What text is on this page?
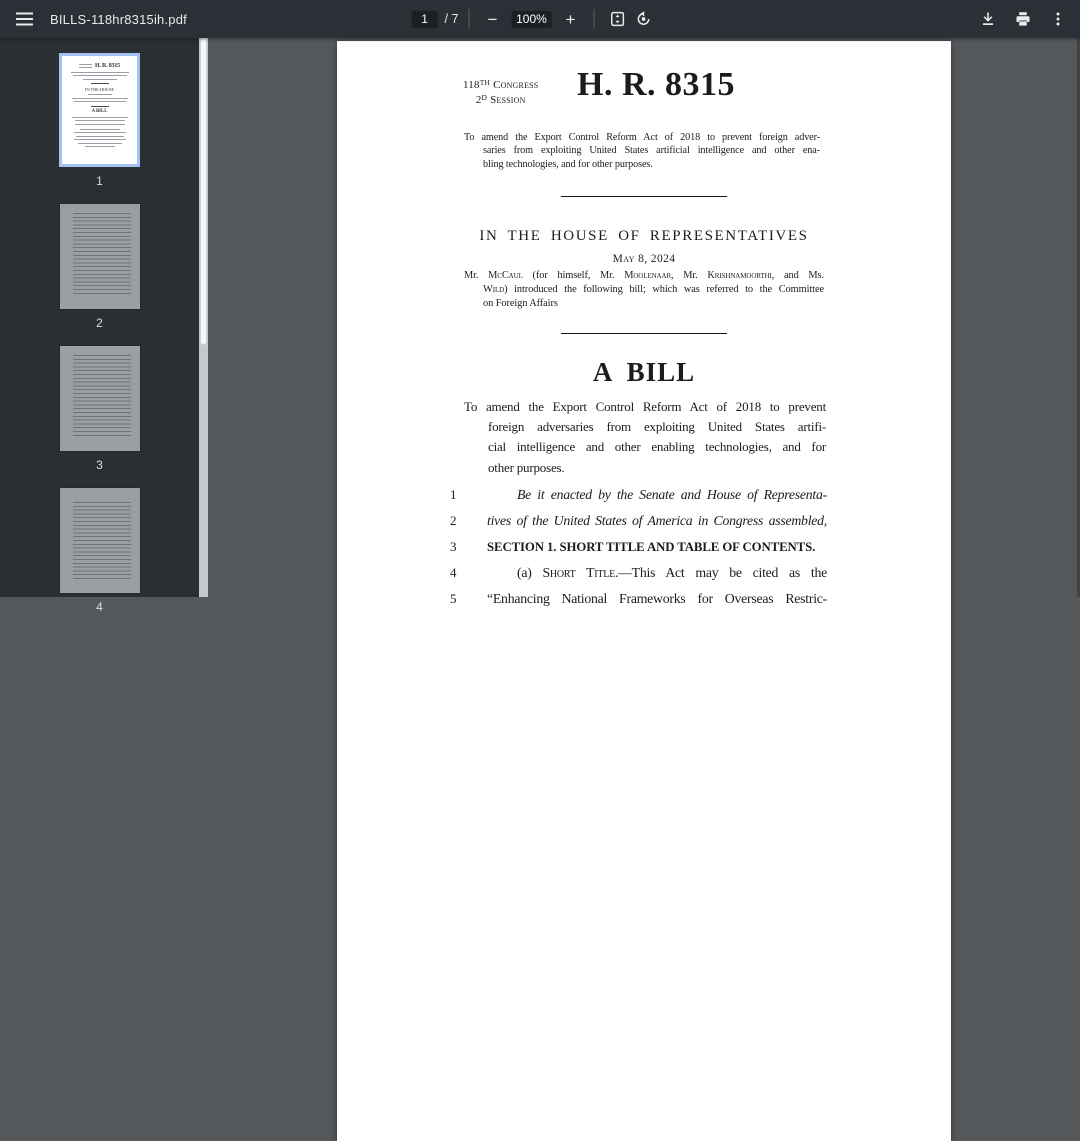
BILLS-118hr8315ih.pdf
1	/ 7 −	100% +
H. R. 8315
IN THE HOUSE
A BILL
1
2
3
4
118TH Congress
$2^D$ Session	H. R. 8315
To amend the Export Control Reform Act of 2018 to prevent foreign adver-
saries from exploiting United States artificial intelligence and other ena-
bling technologies, and for other purposes.
IN THE HOUSE OF REPRESENTATIVES
May 8, 2024
Mr. McCaul (for himself, Mr. Moolenaar, Mr. Krishnamoorthi, and Ms.
Wild) introduced the following bill; which was referred to the Committee
on Foreign Affairs
A BILL
To amend the Export Control Reform Act of 2018 to prevent
foreign adversaries from exploiting United States artifi-
cial intelligence and other enabling technologies, and for
other purposes.
1	Be it enacted by the Senate and House of Representa-
2	tives of the United States of America in Congress assembled,
3	SECTION 1. SHORT TITLE AND TABLE OF CONTENTS.
4	(a) Short Title.—This Act may be cited as the
5	“Enhancing National Frameworks for Overseas Restric-
